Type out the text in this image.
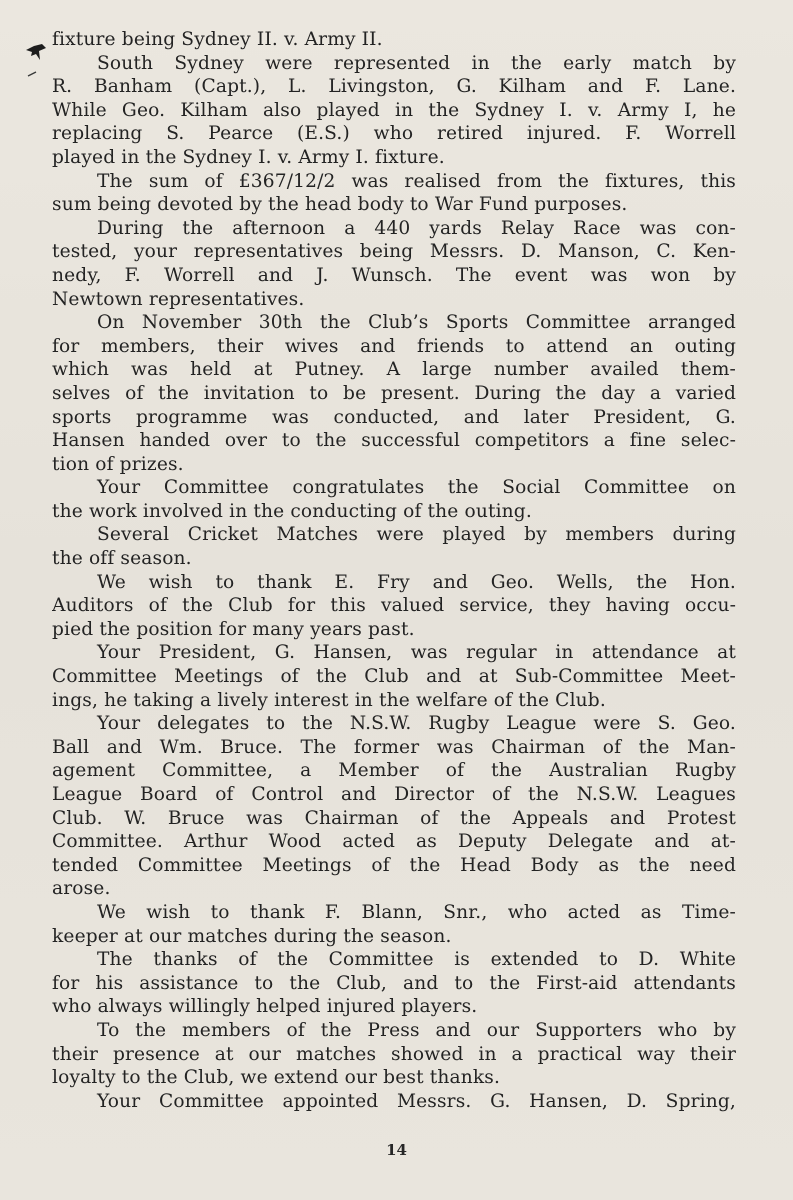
fixture being Sydney II. v. Army II.
South Sydney were represented in the early match by
R. Banham (Capt.), L. Livingston, G. Kilham and F. Lane.
While Geo. Kilham also played in the Sydney I. v. Army I, he
replacing S. Pearce (E.S.) who retired injured. F. Worrell
played in the Sydney I. v. Army I. fixture.
The sum of £367/12/2 was realised from the fixtures, this
sum being devoted by the head body to War Fund purposes.
During the afternoon a 440 yards Relay Race was con-
tested, your representatives being Messrs. D. Manson, C. Ken-
nedy, F. Worrell and J. Wunsch. The event was won by
Newtown representatives.
On November 30th the Club’s Sports Committee arranged
for members, their wives and friends to attend an outing
which was held at Putney. A large number availed them-
selves of the invitation to be present. During the day a varied
sports programme was conducted, and later President, G.
Hansen handed over to the successful competitors a fine selec-
tion of prizes.
Your Committee congratulates the Social Committee on
the work involved in the conducting of the outing.
Several Cricket Matches were played by members during
the off season.
We wish to thank E. Fry and Geo. Wells, the Hon.
Auditors of the Club for this valued service, they having occu-
pied the position for many years past.
Your President, G. Hansen, was regular in attendance at
Committee Meetings of the Club and at Sub-Committee Meet-
ings, he taking a lively interest in the welfare of the Club.
Your delegates to the N.S.W. Rugby League were S. Geo.
Ball and Wm. Bruce. The former was Chairman of the Man-
agement Committee, a Member of the Australian Rugby
League Board of Control and Director of the N.S.W. Leagues
Club. W. Bruce was Chairman of the Appeals and Protest
Committee. Arthur Wood acted as Deputy Delegate and at-
tended Committee Meetings of the Head Body as the need
arose.
We wish to thank F. Blann, Snr., who acted as Time-
keeper at our matches during the season.
The thanks of the Committee is extended to D. White
for his assistance to the Club, and to the First-aid attendants
who always willingly helped injured players.
To the members of the Press and our Supporters who by
their presence at our matches showed in a practical way their
loyalty to the Club, we extend our best thanks.
Your Committee appointed Messrs. G. Hansen, D. Spring,
14
